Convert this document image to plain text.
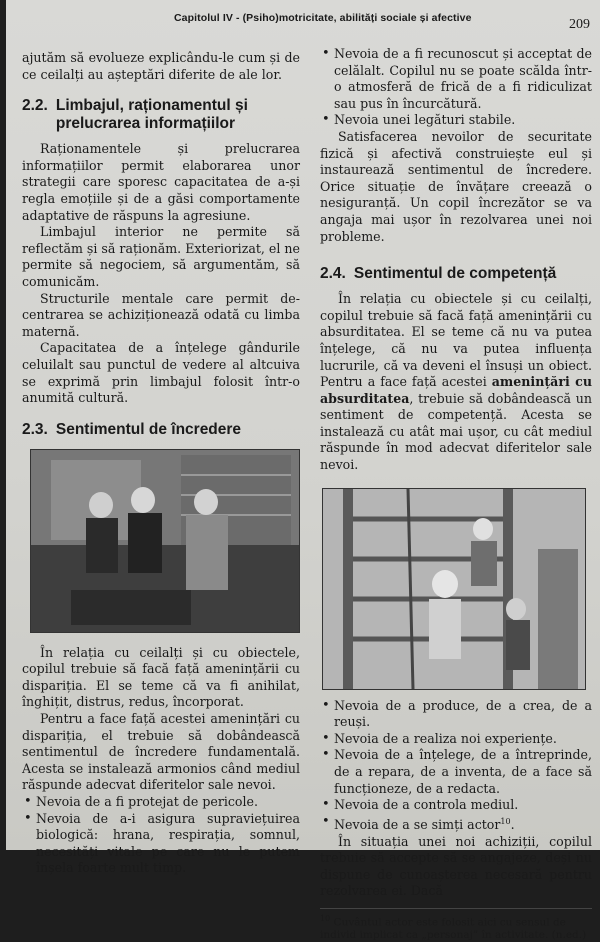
Capitolul IV - (Psiho)motricitate, abilități sociale și afective	209

ajutăm să evolueze explicându-le cum și de ce ceilalți au așteptări diferite de ale lor.

2.2. Limbajul, raționamentul și prelucrarea informațiilor

Raționamentele și prelucrarea informațiilor permit elaborarea unor strategii care sporesc capacitatea de a-și regla emoțiile și de a găsi comportamente adaptative de răspuns la agresiune.

Limbajul interior ne permite să reflectăm și să raționăm. Exteriorizat, el ne permite să negociem, să argumentăm, să comunicăm.

Structurile mentale care permit de-centrarea se achiziționează odată cu limba maternă.

Capacitatea de a înțelege gândurile celuilalt sau punctul de vedere al altcuiva se exprimă prin limbajul folosit într-o anumită cultură.

2.3. Sentimentul de încredere

În relația cu ceilalți și cu obiectele, copilul trebuie să facă față amenințării cu dispariția. El se teme că va fi anihilat, înghițit, distrus, redus, încorporat.

Pentru a face față acestei amenințări cu dispariția, el trebuie să dobândească sentimentul de încredere fundamentală. Acesta se instalează armonios când mediul răspunde adecvat diferitelor sale nevoi.

• Nevoia de a fi protejat de pericole.
• Nevoia de a-i asigura supraviețuirea biologică: hrana, respirația, somnul, necesități vitale pe care nu le putem înșela foarte mult timp.
• Nevoia de a fi recunoscut și acceptat de celălalt. Copilul nu se poate scălda într-o atmosferă de frică de a fi ridiculizat sau pus în încurcătură.
• Nevoia unei legături stabile.

Satisfacerea nevoilor de securitate fizică și afectivă construiește eul și instaurează sentimentul de încredere. Orice situație de învățare creează o nesiguranță. Un copil încrezător se va angaja mai ușor în rezolvarea unei noi probleme.

2.4. Sentimentul de competență

În relația cu obiectele și cu ceilalți, copilul trebuie să facă față amenințării cu absurditatea. El se teme că nu va putea înțelege, că nu va putea influența lucrurile, că va deveni el însuși un obiect. Pentru a face față acestei amenințări cu absurditatea, trebuie să dobândească un sentiment de competență. Acesta se instalează cu atât mai ușor, cu cât mediul răspunde în mod adecvat diferitelor sale nevoi.

• Nevoia de a produce, de a crea, de a reuși.
• Nevoia de a realiza noi experiențe.
• Nevoia de a înțelege, de a întreprinde, de a repara, de a inventa, de a face să funcționeze, de a redacta.
• Nevoia de a controla mediul.
• Nevoia de a se simți actor$^{10}$.

În situația unei noi achiziții, copilul trebuie să accepte să se angajeze, deși nu dispune de cunoașterea necesară pentru rezolvarea ei. Dacă

$^{10}$ Cuvântul actor este folosit aici cu sensul de individ implicat ca „personaj” în activitate. (n.ed.)
